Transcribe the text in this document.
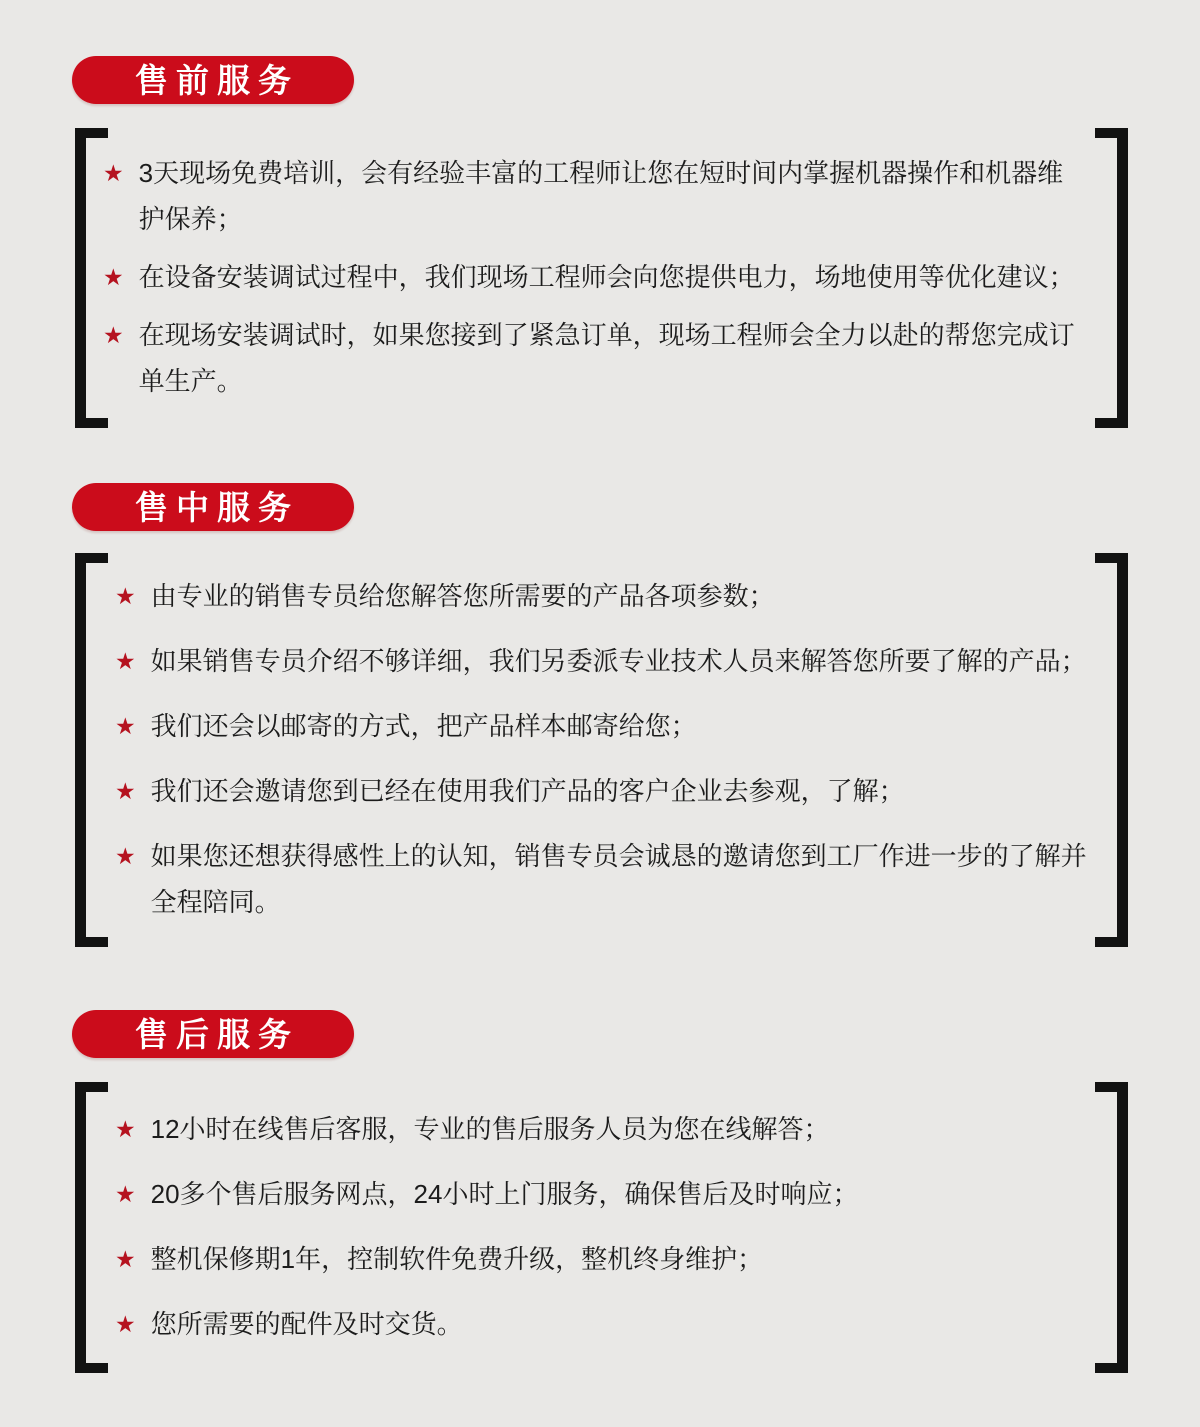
售前服务
★ 3天现场免费培训，会有经验丰富的工程师让您在短时间内掌握机器操作和机器维护保养；
★ 在设备安装调试过程中，我们现场工程师会向您提供电力，场地使用等优化建议；
★ 在现场安装调试时，如果您接到了紧急订单，现场工程师会全力以赴的帮您完成订单生产。
售中服务
★ 由专业的销售专员给您解答您所需要的产品各项参数；
★ 如果销售专员介绍不够详细，我们另委派专业技术人员来解答您所要了解的产品；
★ 我们还会以邮寄的方式，把产品样本邮寄给您；
★ 我们还会邀请您到已经在使用我们产品的客户企业去参观，了解；
★ 如果您还想获得感性上的认知，销售专员会诚恳的邀请您到工厂作进一步的了解并全程陪同。
售后服务
★ 12小时在线售后客服，专业的售后服务人员为您在线解答；
★ 20多个售后服务网点，24小时上门服务，确保售后及时响应；
★ 整机保修期1年，控制软件免费升级，整机终身维护；
★ 您所需要的配件及时交货。
